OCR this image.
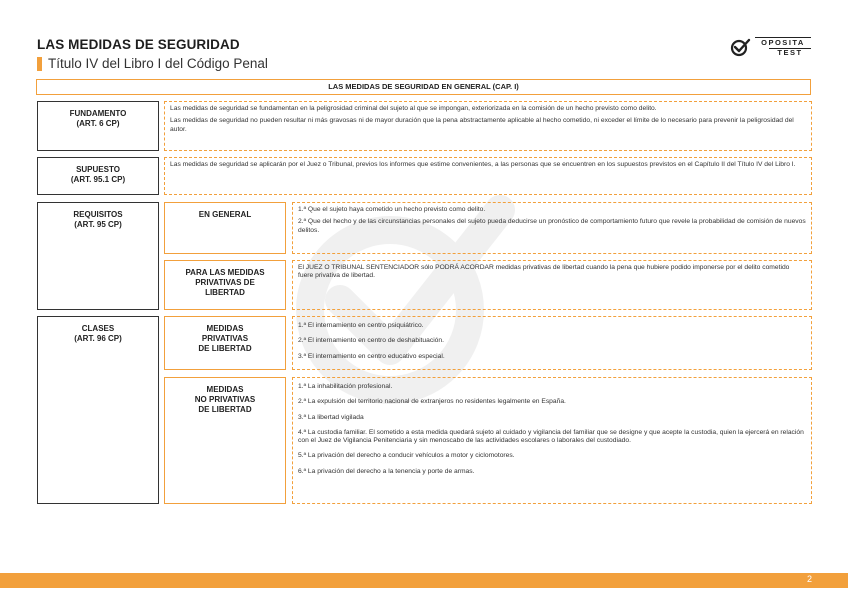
LAS MEDIDAS DE SEGURIDAD
Título IV del Libro I del Código Penal
OPOSITA
TEST
LAS MEDIDAS DE SEGURIDAD EN GENERAL (CAP. I)
FUNDAMENTO
(ART. 6 CP)

Las medidas de seguridad se fundamentan en la peligrosidad criminal del sujeto al que se impongan, exteriorizada en la comisión de un hecho previsto como delito.

Las medidas de seguridad no pueden resultar ni más gravosas ni de mayor duración que la pena abstractamente aplicable al hecho cometido, ni exceder el límite de lo necesario para prevenir la peligrosidad del autor.

SUPUESTO
(ART. 95.1 CP)

Las medidas de seguridad se aplicarán por el Juez o Tribunal, previos los informes que estime convenientes, a las personas que se encuentren en los supuestos previstos en el Capítulo II del Título IV del Libro I.

REQUISITOS
(ART. 95 CP)
EN GENERAL

1.ª Que el sujeto haya cometido un hecho previsto como delito.

2.ª Que del hecho y de las circunstancias personales del sujeto pueda deducirse un pronóstico de comportamiento futuro que revele la probabilidad de comisión de nuevos delitos.

PARA LAS MEDIDAS
PRIVATIVAS DE
LIBERTAD

El JUEZ O TRIBUNAL SENTENCIADOR sólo PODRÁ ACORDAR medidas privativas de libertad cuando la pena que hubiere podido imponerse por el delito cometido fuere privativa de libertad.

CLASES
(ART. 96 CP)
MEDIDAS
PRIVATIVAS
DE LIBERTAD

1.ª El internamiento en centro psiquiátrico.

2.ª El internamiento en centro de deshabituación.

3.ª El internamiento en centro educativo especial.

MEDIDAS
NO PRIVATIVAS
DE LIBERTAD

1.ª La inhabilitación profesional.

2.ª La expulsión del territorio nacional de extranjeros no residentes legalmente en España.

3.ª La libertad vigilada

4.ª La custodia familiar. El sometido a esta medida quedará sujeto al cuidado y vigilancia del familiar que se designe y que acepte la custodia, quien la ejercerá en relación con el Juez de Vigilancia Penitenciaria y sin menoscabo de las actividades escolares o laborales del custodiado.

5.ª La privación del derecho a conducir vehículos a motor y ciclomotores.

6.ª La privación del derecho a la tenencia y porte de armas.

2
